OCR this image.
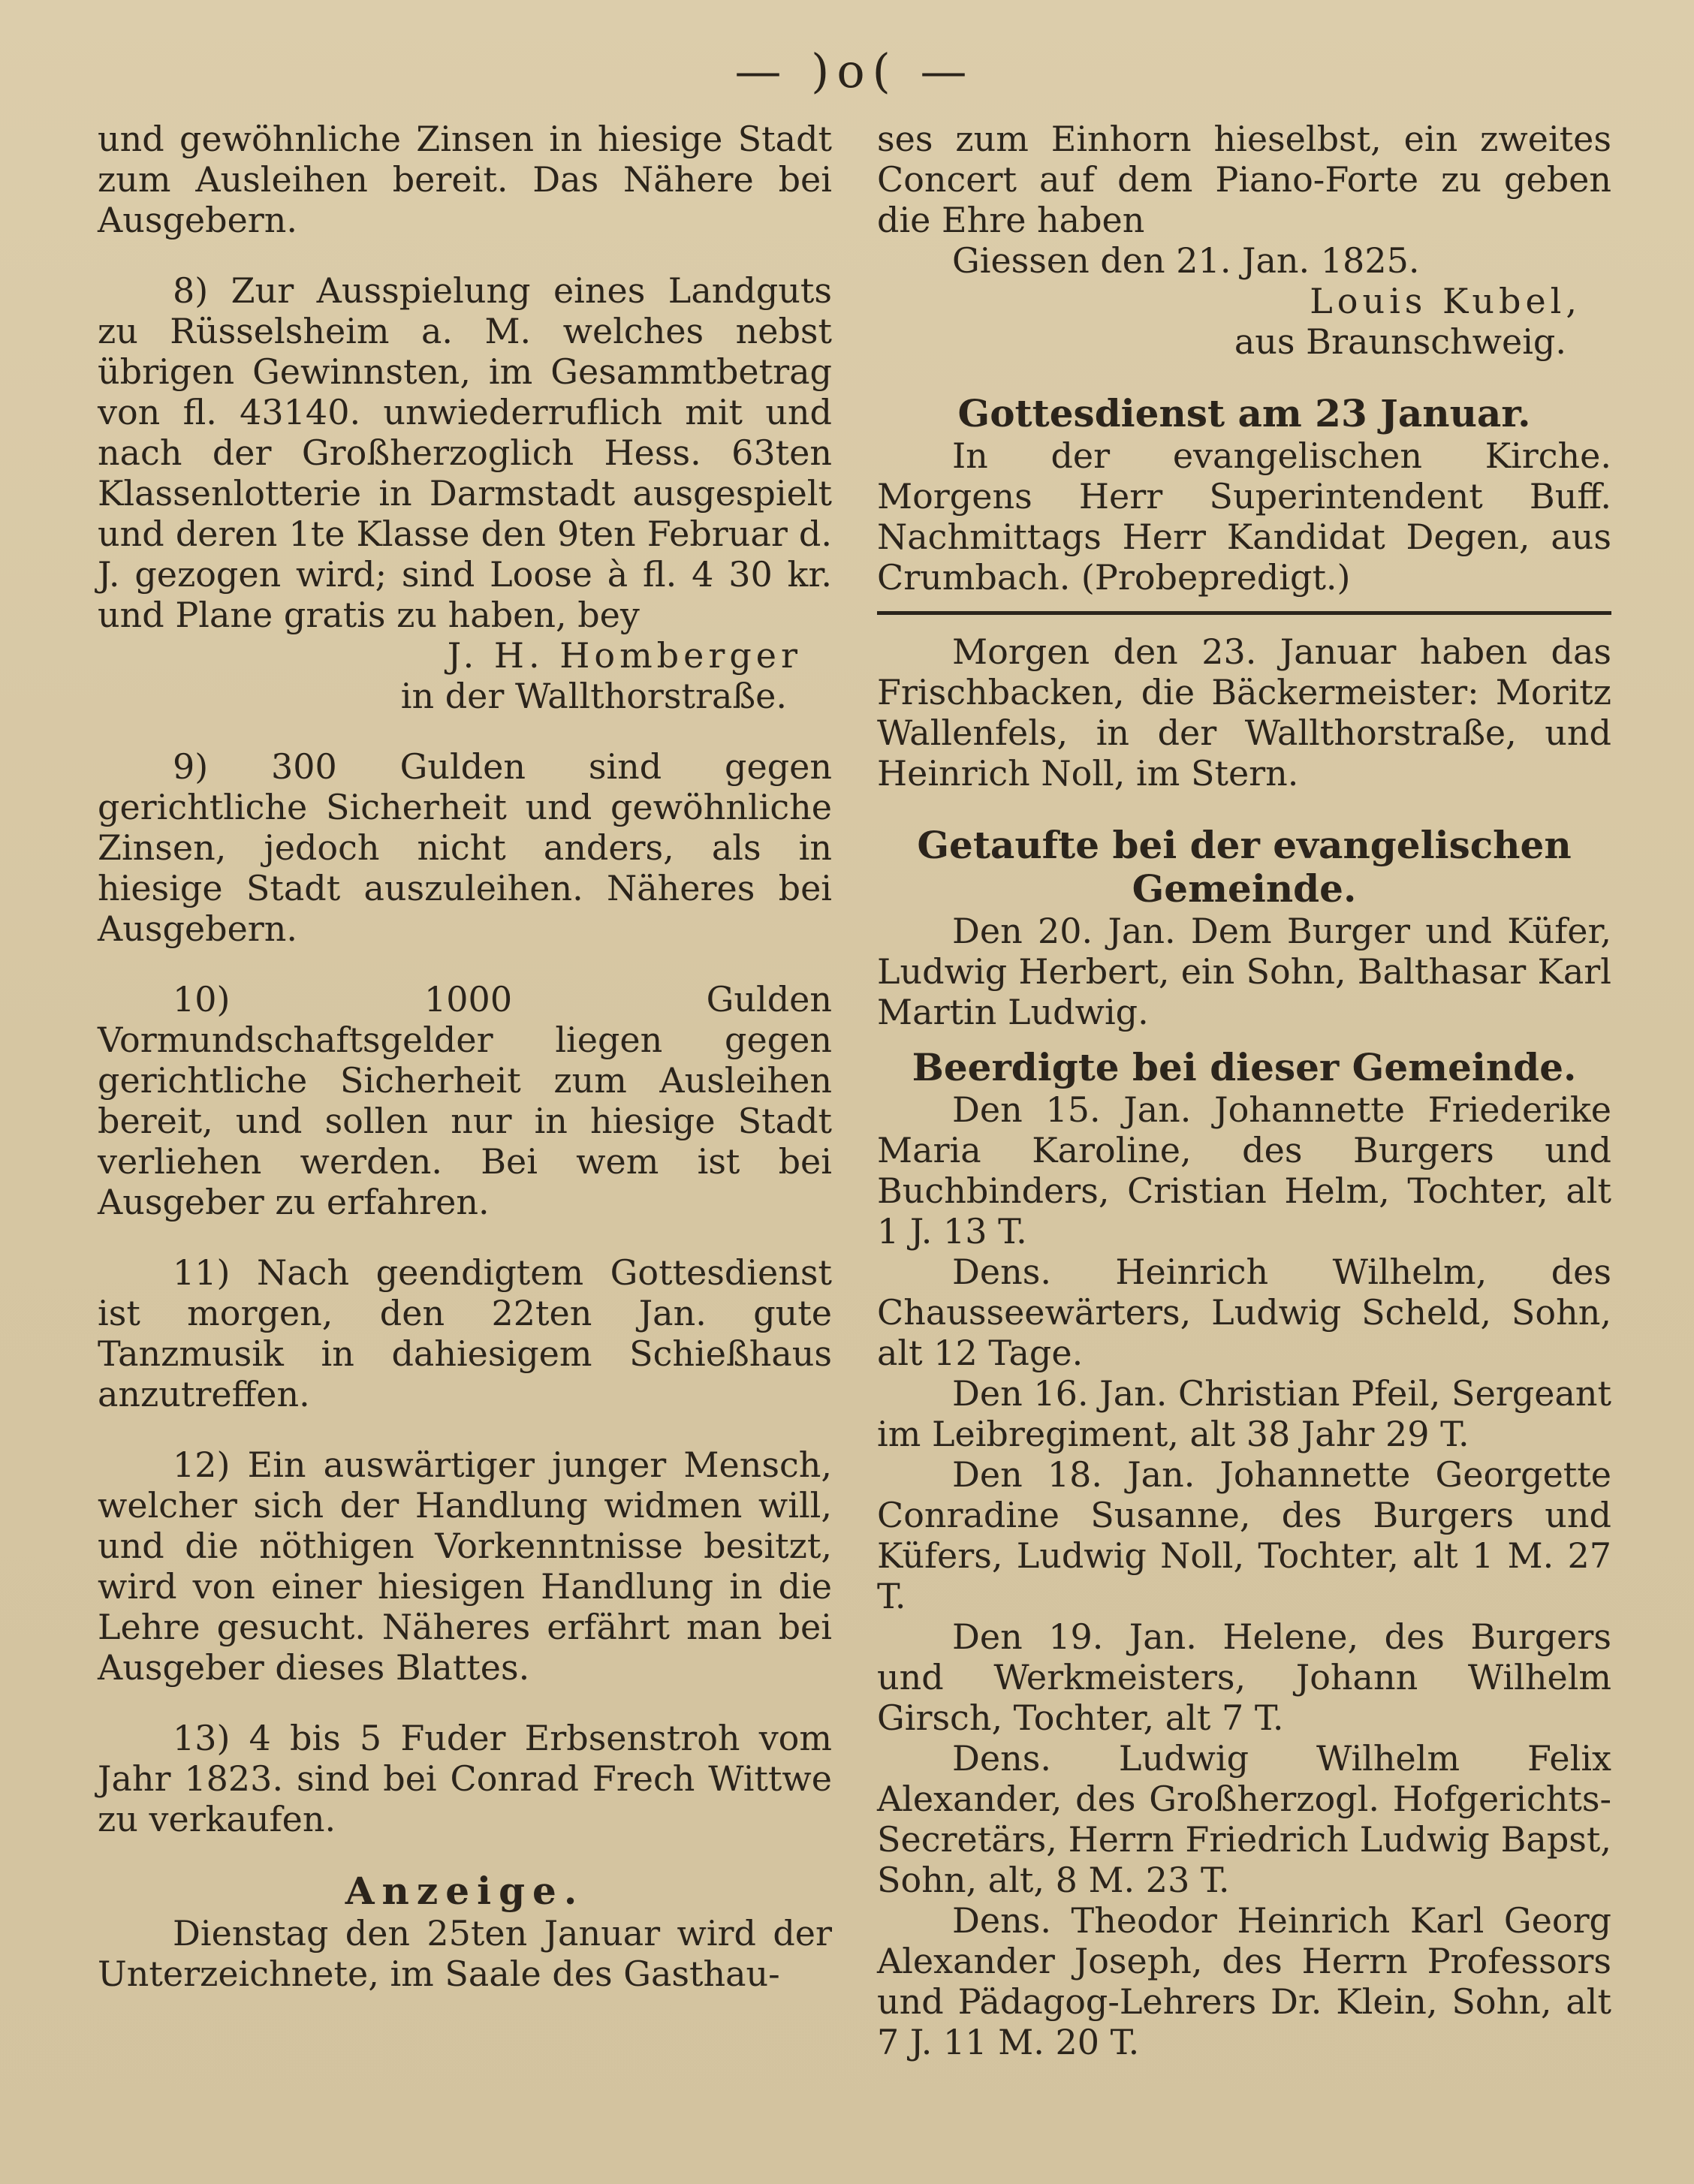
— )o( —

und gewöhnliche Zinsen in hiesige Stadt zum Ausleihen bereit. Das Nähere bei Ausgebern.

8) Zur Ausspielung eines Landguts zu Rüsselsheim a. M. welches nebst übrigen Gewinnsten, im Gesammtbetrag von fl. 43140. unwiederruflich mit und nach der Großherzoglich Hess. 63ten Klassenlotterie in Darmstadt ausgespielt und deren 1te Klasse den 9ten Februar d. J. gezogen wird; sind Loose à fl. 4 30 kr. und Plane gratis zu haben, bey

J. H. Homberger

in der Wallthorstraße.

9) 300 Gulden sind gegen gerichtliche Sicherheit und gewöhnliche Zinsen, jedoch nicht anders, als in hiesige Stadt auszuleihen. Näheres bei Ausgebern.

10) 1000 Gulden Vormundschaftsgelder liegen gegen gerichtliche Sicherheit zum Ausleihen bereit, und sollen nur in hiesige Stadt verliehen werden. Bei wem ist bei Ausgeber zu erfahren.

11) Nach geendigtem Gottesdienst ist morgen, den 22ten Jan. gute Tanzmusik in dahiesigem Schießhaus anzutreffen.

12) Ein auswärtiger junger Mensch, welcher sich der Handlung widmen will, und die nöthigen Vorkenntnisse besitzt, wird von einer hiesigen Handlung in die Lehre gesucht. Näheres erfährt man bei Ausgeber dieses Blattes.

13) 4 bis 5 Fuder Erbsenstroh vom Jahr 1823. sind bei Conrad Frech Wittwe zu verkaufen.

Anzeige.

Dienstag den 25ten Januar wird der Unterzeichnete, im Saale des Gasthau-

ses zum Einhorn hieselbst, ein zweites Concert auf dem Piano-Forte zu geben die Ehre haben

Giessen den 21. Jan. 1825.

Louis Kubel,

aus Braunschweig.

Gottesdienst am 23 Januar.

In der evangelischen Kirche. Morgens Herr Superintendent Buff. Nachmittags Herr Kandidat Degen, aus Crumbach. (Probepredigt.)

Morgen den 23. Januar haben das Frischbacken, die Bäckermeister: Moritz Wallenfels, in der Wallthorstraße, und Heinrich Noll, im Stern.

Getaufte bei der evangelischen Gemeinde.

Den 20. Jan. Dem Burger und Küfer, Ludwig Herbert, ein Sohn, Balthasar Karl Martin Ludwig.

Beerdigte bei dieser Gemeinde.

Den 15. Jan. Johannette Friederike Maria Karoline, des Burgers und Buchbinders, Cristian Helm, Tochter, alt 1 J. 13 T.

Dens. Heinrich Wilhelm, des Chausseewärters, Ludwig Scheld, Sohn, alt 12 Tage.

Den 16. Jan. Christian Pfeil, Sergeant im Leibregiment, alt 38 Jahr 29 T.

Den 18. Jan. Johannette Georgette Conradine Susanne, des Burgers und Küfers, Ludwig Noll, Tochter, alt 1 M. 27 T.

Den 19. Jan. Helene, des Burgers und Werkmeisters, Johann Wilhelm Girsch, Tochter, alt 7 T.

Dens. Ludwig Wilhelm Felix Alexander, des Großherzogl. Hofgerichts-Secretärs, Herrn Friedrich Ludwig Bapst, Sohn, alt, 8 M. 23 T.

Dens. Theodor Heinrich Karl Georg Alexander Joseph, des Herrn Professors und Pädagog-Lehrers Dr. Klein, Sohn, alt 7 J. 11 M. 20 T.
